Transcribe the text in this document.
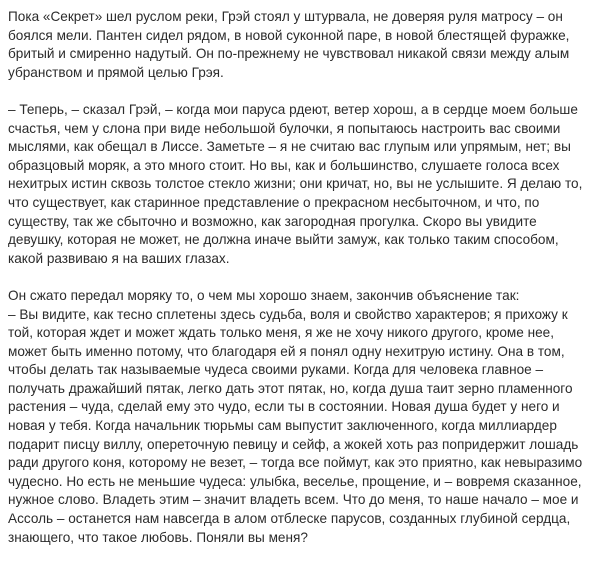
Пока «Секрет» шел руслом реки, Грэй стоял у штурвала, не доверяя руля матросу – он боялся мели. Пантен сидел рядом, в новой суконной паре, в новой блестящей фуражке, бритый и смиренно надутый. Он по-прежнему не чувствовал никакой связи между алым убранством и прямой целью Грэя.

– Теперь, – сказал Грэй, – когда мои паруса рдеют, ветер хорош, а в сердце моем больше счастья, чем у слона при виде небольшой булочки, я попытаюсь настроить вас своими мыслями, как обещал в Лиссе. Заметьте – я не считаю вас глупым или упрямым, нет; вы образцовый моряк, а это много стоит. Но вы, как и большинство, слушаете голоса всех нехитрых истин сквозь толстое стекло жизни; они кричат, но, вы не услышите. Я делаю то, что существует, как старинное представление о прекрасном несбыточном, и что, по существу, так же сбыточно и возможно, как загородная прогулка. Скоро вы увидите девушку, которая не может, не должна иначе выйти замуж, как только таким способом, какой развиваю я на ваших глазах.

Он сжато передал моряку то, о чем мы хорошо знаем, закончив объяснение так:
– Вы видите, как тесно сплетены здесь судьба, воля и свойство характеров; я прихожу к той, которая ждет и может ждать только меня, я же не хочу никого другого, кроме нее, может быть именно потому, что благодаря ей я понял одну нехитрую истину. Она в том, чтобы делать так называемые чудеса своими руками. Когда для человека главное – получать дражайший пятак, легко дать этот пятак, но, когда душа таит зерно пламенного растения – чуда, сделай ему это чудо, если ты в состоянии. Новая душа будет у него и новая у тебя. Когда начальник тюрьмы сам выпустит заключенного, когда миллиардер подарит писцу виллу, опереточную певицу и сейф, а жокей хоть раз попридержит лошадь ради другого коня, которому не везет, – тогда все поймут, как это приятно, как невыразимо чудесно. Но есть не меньшие чудеса: улыбка, веселье, прощение, и – вовремя сказанное, нужное слово. Владеть этим – значит владеть всем. Что до меня, то наше начало – мое и Ассоль – останется нам навсегда в алом отблеске парусов, созданных глубиной сердца, знающего, что такое любовь. Поняли вы меня?
